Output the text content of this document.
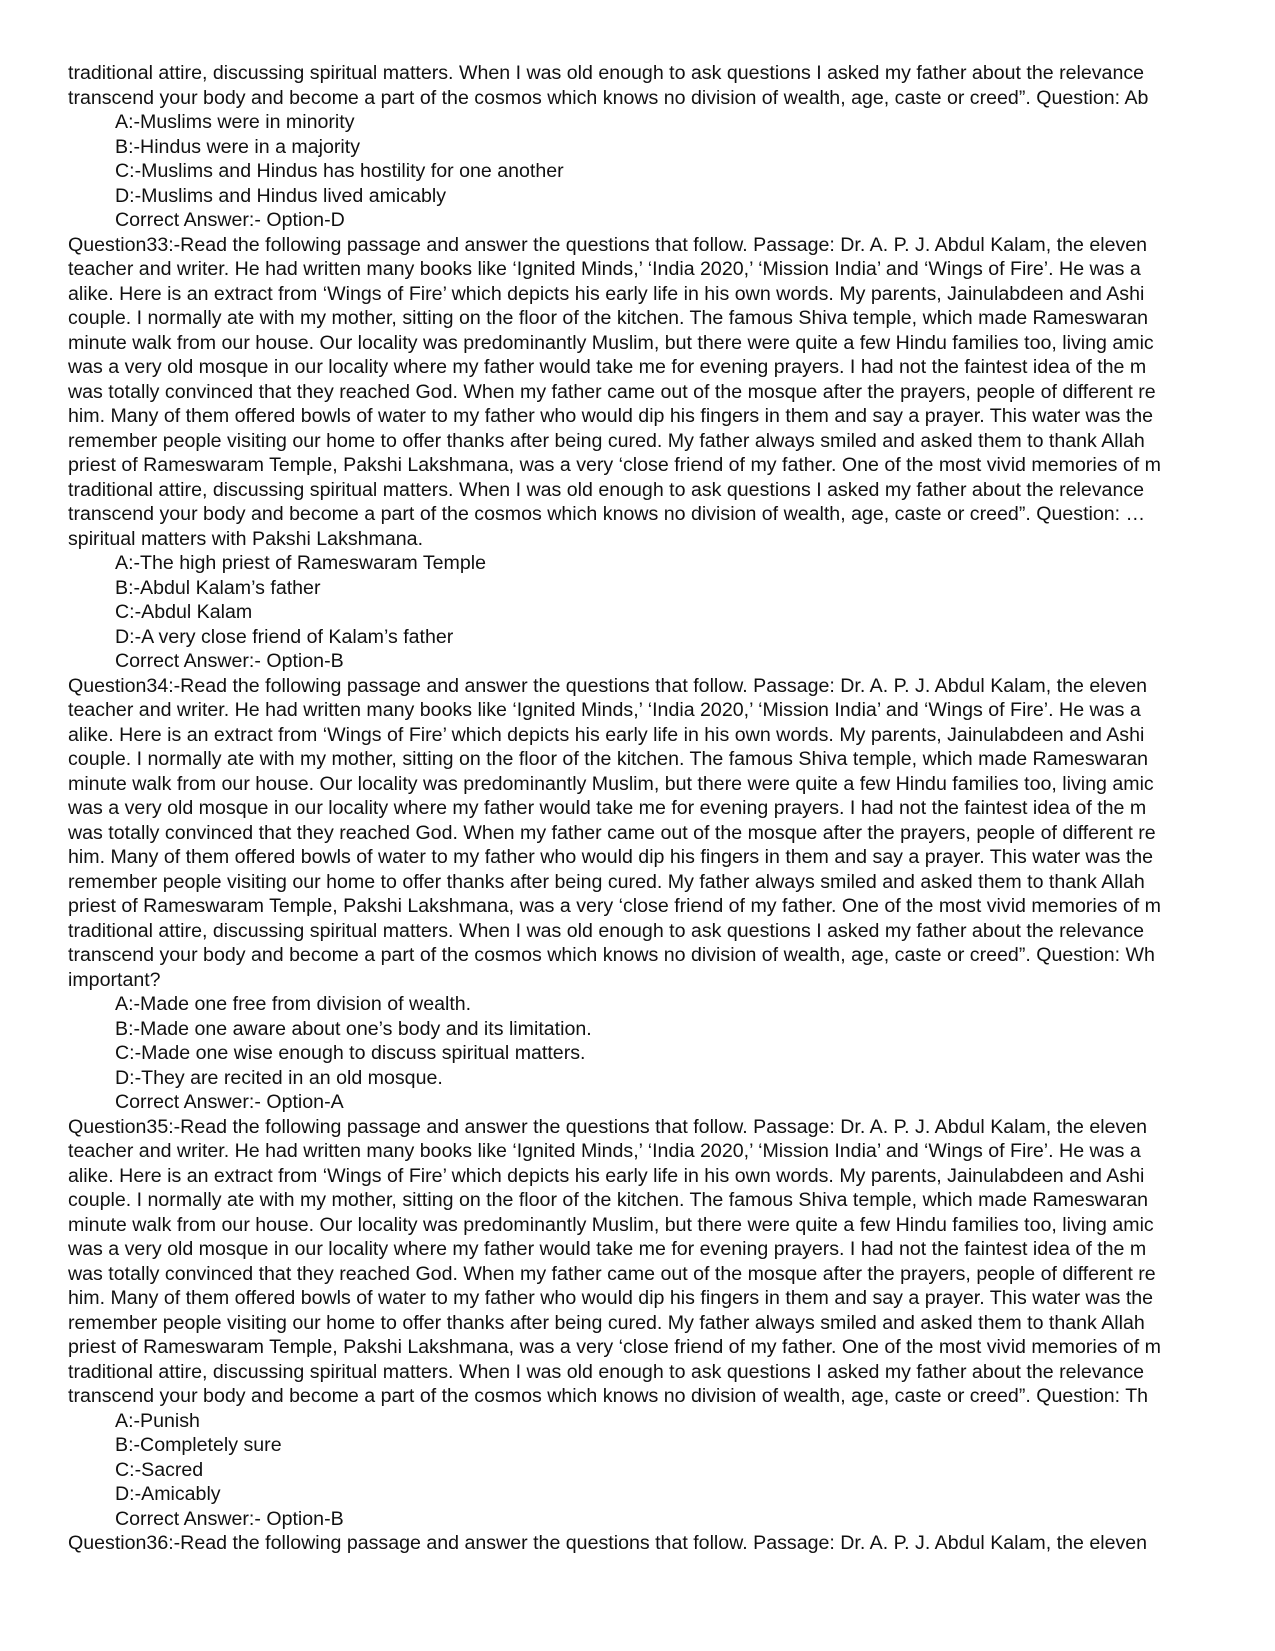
traditional attire, discussing spiritual matters. When I was old enough to ask questions I asked my father about the relevance
transcend your body and become a part of the cosmos which knows no division of wealth, age, caste or creed”. Question: Ab
A:-Muslims were in minority
B:-Hindus were in a majority
C:-Muslims and Hindus has hostility for one another
D:-Muslims and Hindus lived amicably
Correct Answer:- Option-D
Question33:-Read the following passage and answer the questions that follow. Passage: Dr. A. P. J. Abdul Kalam, the eleven
teacher and writer. He had written many books like ‘Ignited Minds,’ ‘India 2020,’ ‘Mission India’ and ‘Wings of Fire’. He was a
alike. Here is an extract from ‘Wings of Fire’ which depicts his early life in his own words. My parents, Jainulabdeen and Ashi
couple. I normally ate with my mother, sitting on the floor of the kitchen. The famous Shiva temple, which made Rameswaran
minute walk from our house. Our locality was predominantly Muslim, but there were quite a few Hindu families too, living amic
was a very old mosque in our locality where my father would take me for evening prayers. I had not the faintest idea of the m
was totally convinced that they reached God. When my father came out of the mosque after the prayers, people of different re
him. Many of them offered bowls of water to my father who would dip his fingers in them and say a prayer. This water was the
remember people visiting our home to offer thanks after being cured. My father always smiled and asked them to thank Allah
priest of Rameswaram Temple, Pakshi Lakshmana, was a very ‘close friend of my father. One of the most vivid memories of m
traditional attire, discussing spiritual matters. When I was old enough to ask questions I asked my father about the relevance
transcend your body and become a part of the cosmos which knows no division of wealth, age, caste or creed”. Question: …
spiritual matters with Pakshi Lakshmana.
A:-The high priest of Rameswaram Temple
B:-Abdul Kalam’s father
C:-Abdul Kalam
D:-A very close friend of Kalam’s father
Correct Answer:- Option-B
Question34:-Read the following passage and answer the questions that follow. Passage: Dr. A. P. J. Abdul Kalam, the eleven
teacher and writer. He had written many books like ‘Ignited Minds,’ ‘India 2020,’ ‘Mission India’ and ‘Wings of Fire’. He was a
alike. Here is an extract from ‘Wings of Fire’ which depicts his early life in his own words. My parents, Jainulabdeen and Ashi
couple. I normally ate with my mother, sitting on the floor of the kitchen. The famous Shiva temple, which made Rameswaran
minute walk from our house. Our locality was predominantly Muslim, but there were quite a few Hindu families too, living amic
was a very old mosque in our locality where my father would take me for evening prayers. I had not the faintest idea of the m
was totally convinced that they reached God. When my father came out of the mosque after the prayers, people of different re
him. Many of them offered bowls of water to my father who would dip his fingers in them and say a prayer. This water was the
remember people visiting our home to offer thanks after being cured. My father always smiled and asked them to thank Allah
priest of Rameswaram Temple, Pakshi Lakshmana, was a very ‘close friend of my father. One of the most vivid memories of m
traditional attire, discussing spiritual matters. When I was old enough to ask questions I asked my father about the relevance
transcend your body and become a part of the cosmos which knows no division of wealth, age, caste or creed”. Question: Wh
important?
A:-Made one free from division of wealth.
B:-Made one aware about one’s body and its limitation.
C:-Made one wise enough to discuss spiritual matters.
D:-They are recited in an old mosque.
Correct Answer:- Option-A
Question35:-Read the following passage and answer the questions that follow. Passage: Dr. A. P. J. Abdul Kalam, the eleven
teacher and writer. He had written many books like ‘Ignited Minds,’ ‘India 2020,’ ‘Mission India’ and ‘Wings of Fire’. He was a
alike. Here is an extract from ‘Wings of Fire’ which depicts his early life in his own words. My parents, Jainulabdeen and Ashi
couple. I normally ate with my mother, sitting on the floor of the kitchen. The famous Shiva temple, which made Rameswaran
minute walk from our house. Our locality was predominantly Muslim, but there were quite a few Hindu families too, living amic
was a very old mosque in our locality where my father would take me for evening prayers. I had not the faintest idea of the m
was totally convinced that they reached God. When my father came out of the mosque after the prayers, people of different re
him. Many of them offered bowls of water to my father who would dip his fingers in them and say a prayer. This water was the
remember people visiting our home to offer thanks after being cured. My father always smiled and asked them to thank Allah
priest of Rameswaram Temple, Pakshi Lakshmana, was a very ‘close friend of my father. One of the most vivid memories of m
traditional attire, discussing spiritual matters. When I was old enough to ask questions I asked my father about the relevance
transcend your body and become a part of the cosmos which knows no division of wealth, age, caste or creed”. Question: Th
A:-Punish
B:-Completely sure
C:-Sacred
D:-Amicably
Correct Answer:- Option-B
Question36:-Read the following passage and answer the questions that follow. Passage: Dr. A. P. J. Abdul Kalam, the eleven
